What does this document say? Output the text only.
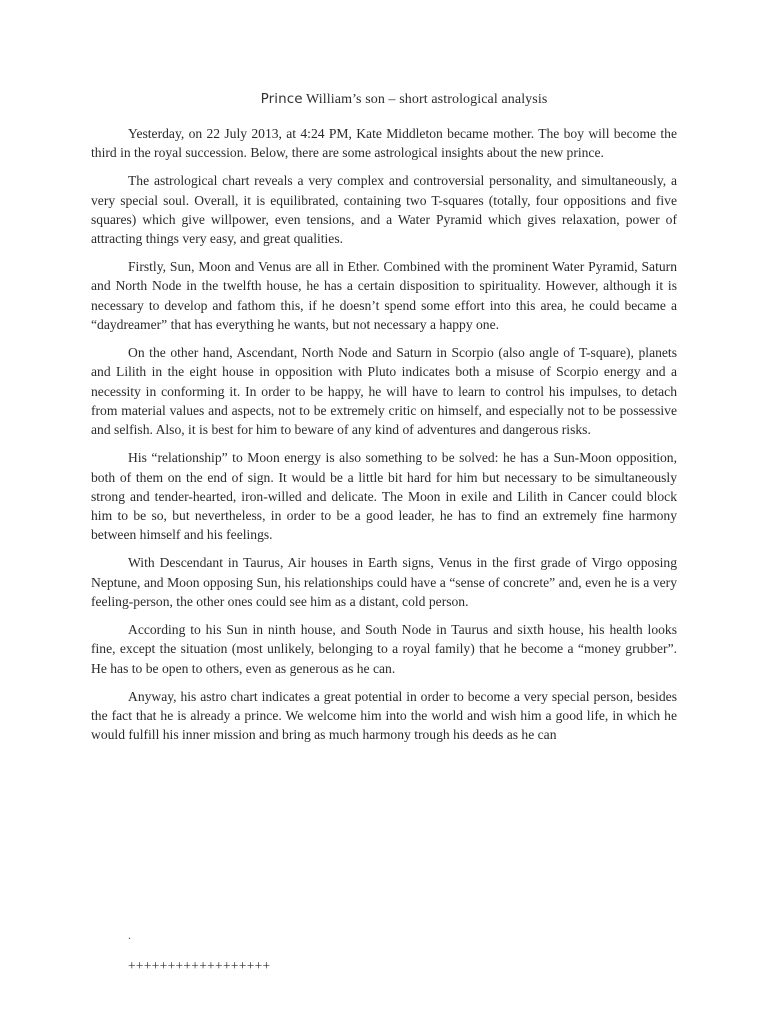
Prince William’s son – short astrological analysis

Yesterday, on 22 July 2013, at 4:24 PM, Kate Middleton became mother. The boy will become the third in the royal succession. Below, there are some astrological insights about the new prince.

The astrological chart reveals a very complex and controversial personality, and simultaneously, a very special soul. Overall, it is equilibrated, containing two T-squares (totally, four oppositions and five squares) which give willpower, even tensions, and a Water Pyramid which gives relaxation, power of attracting things very easy, and great qualities.

Firstly, Sun, Moon and Venus are all in Ether. Combined with the prominent Water Pyramid, Saturn and North Node in the twelfth house, he has a certain disposition to spirituality. However, although it is necessary to develop and fathom this, if he doesn’t spend some effort into this area, he could became a “daydreamer” that has everything he wants, but not necessary a happy one.

On the other hand, Ascendant, North Node and Saturn in Scorpio (also angle of T-square), planets and Lilith in the eight house in opposition with Pluto indicates both a misuse of Scorpio energy and a necessity in conforming it. In order to be happy, he will have to learn to control his impulses, to detach from material values and aspects, not to be extremely critic on himself, and especially not to be possessive and selfish. Also, it is best for him to beware of any kind of adventures and dangerous risks.

His “relationship” to Moon energy is also something to be solved: he has a Sun-Moon opposition, both of them on the end of sign. It would be a little bit hard for him but necessary to be simultaneously strong and tender-hearted, iron-willed and delicate. The Moon in exile and Lilith in Cancer could block him to be so, but nevertheless, in order to be a good leader, he has to find an extremely fine harmony between himself and his feelings.

With Descendant in Taurus, Air houses in Earth signs, Venus in the first grade of Virgo opposing Neptune, and Moon opposing Sun, his relationships could have a “sense of concrete” and, even he is a very feeling-person, the other ones could see him as a distant, cold person.

According to his Sun in ninth house, and South Node in Taurus and sixth house, his health looks fine, except the situation (most unlikely, belonging to a royal family) that he become a “money grubber”. He has to be open to others, even as generous as he can.

Anyway, his astro chart indicates a great potential in order to become a very special person, besides the fact that he is already a prince. We welcome him into the world and wish him a good life, in which he would fulfill his inner mission and bring as much harmony trough his deeds as he can

.
++++++++++++++++++
